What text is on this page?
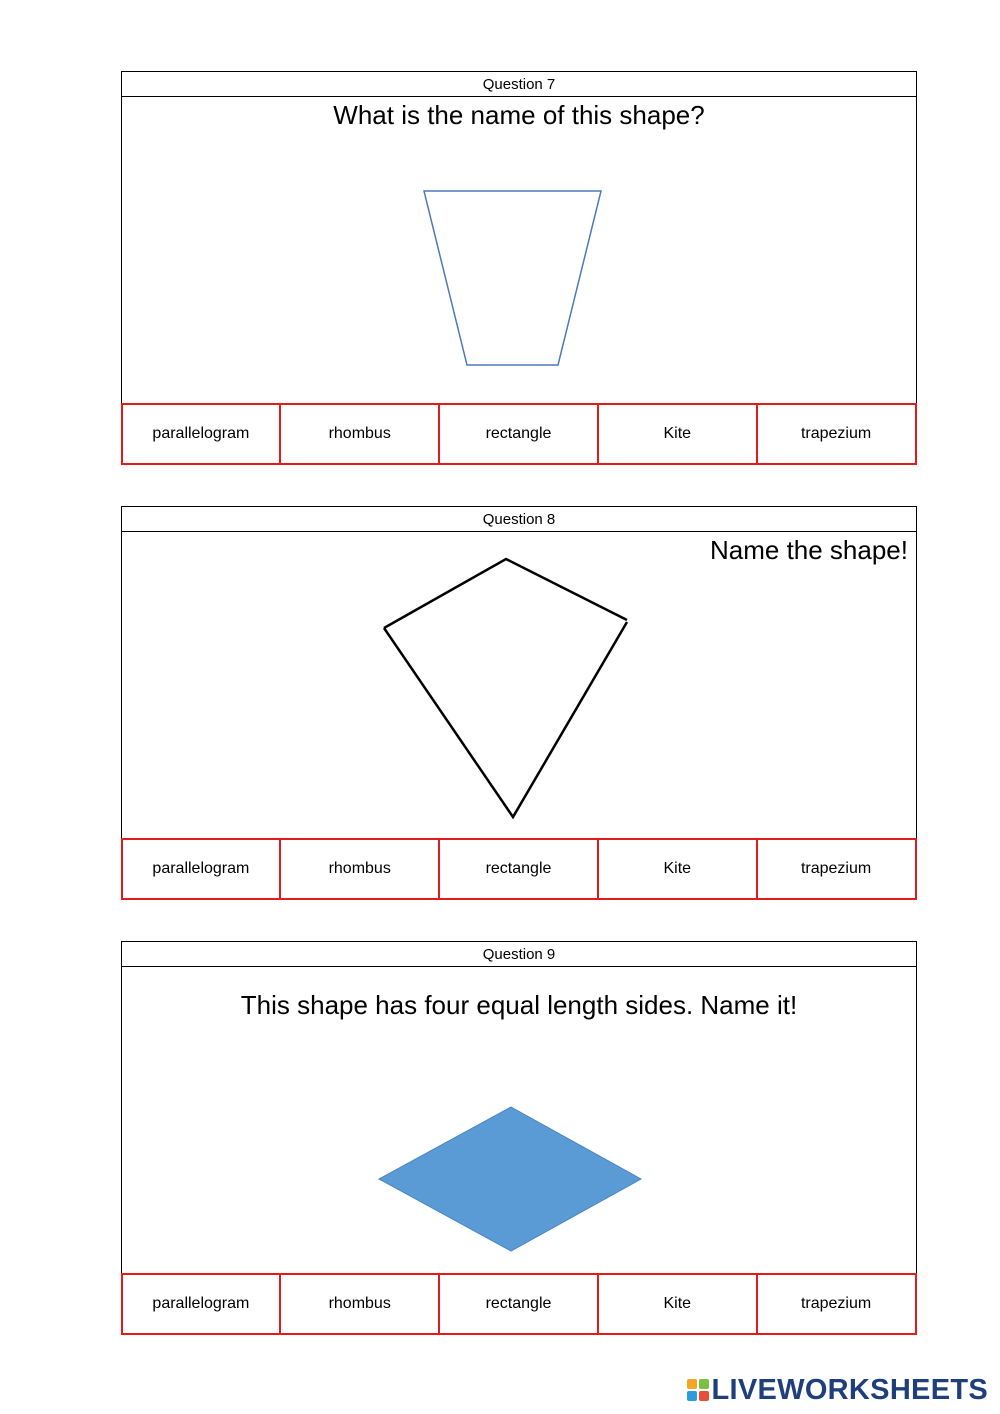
Question 7
What is the name of this shape?
parallelogram	rhombus	rectangle	Kite	trapezium
Question 8
Name the shape!
parallelogram	rhombus	rectangle	Kite	trapezium
Question 9
This shape has four equal length sides. Name it!
parallelogram	rhombus	rectangle	Kite	trapezium
LIVEWORKSHEETS
